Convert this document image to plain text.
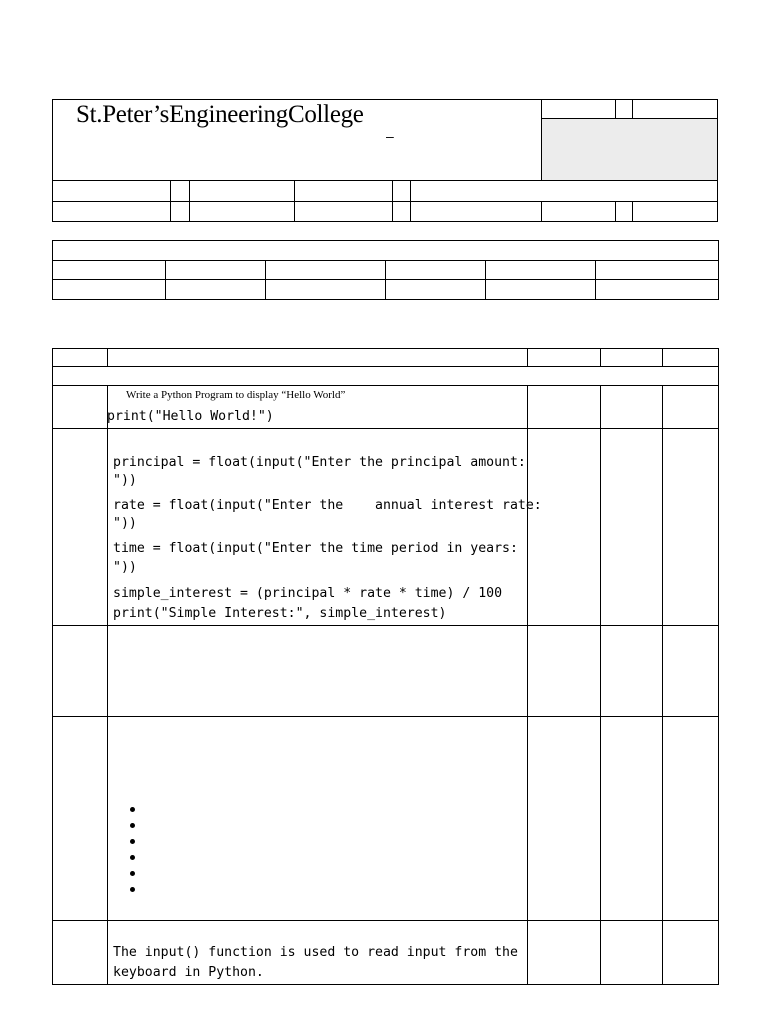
St.Peter’sEngineeringCollege
–
Write a Python Program to display “Hello World”
print("Hello World!")
principal = float(input("Enter the principal amount:
"))
rate = float(input("Enter the    annual interest rate:
"))
time = float(input("Enter the time period in years:
"))
simple_interest = (principal * rate * time) / 100
print("Simple Interest:", simple_interest)
The input() function is used to read input from the
keyboard in Python.
